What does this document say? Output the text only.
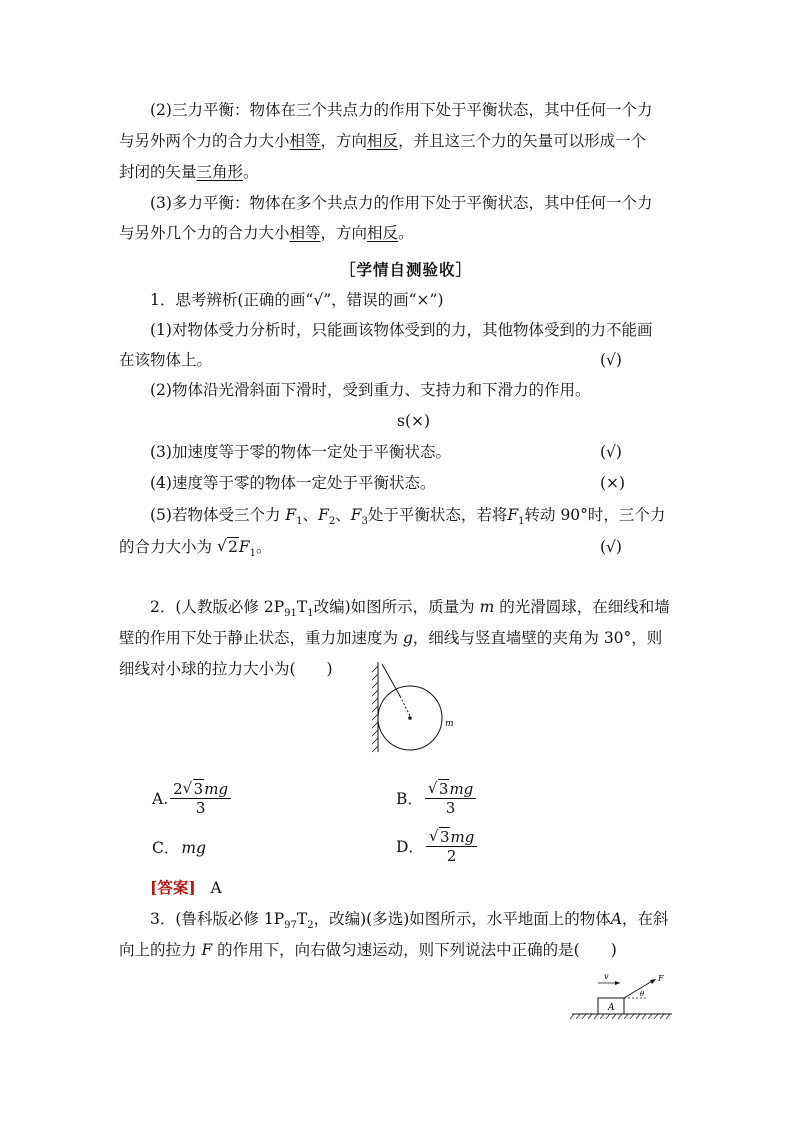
(2)三力平衡：物体在三个共点力的作用下处于平衡状态，其中任何一个力
与另外两个力的合力大小相等，方向相反，并且这三个力的矢量可以形成一个
封闭的矢量三角形。
(3)多力平衡：物体在多个共点力的作用下处于平衡状态，其中任何一个力
与另外几个力的合力大小相等，方向相反。
［学情自测验收］
1．思考辨析(正确的画“√”，错误的画“×”)
(1)对物体受力分析时，只能画该物体受到的力，其他物体受到的力不能画
在该物体上。	(√)
(2)物体沿光滑斜面下滑时，受到重力、支持力和下滑力的作用。
s(×)
(3)加速度等于零的物体一定处于平衡状态。	(√)
(4)速度等于零的物体一定处于平衡状态。	(×)
(5)若物体受三个力 $F_1$、$F_2$、$F_3$处于平衡状态，若将$F_1$转动 90°时，三个力
的合力大小为 √ $2F_1$。	(√)
2．(人教版必修 $2P_{91}T_1$改编)如图所示，质量为 m 的光滑圆球，在细线和墙
壁的作用下处于静止状态，重力加速度为 g，细线与竖直墙壁的夹角为 30°，则
细线对小球的拉力大小为(　　)
m
A. $\frac{2 √ 3mg}{3}$	B． √ $\frac{3mg}{3}$
C． mg	D． √ $\frac{3mg}{2}$
[答案] A
3．(鲁科版必修 $1P_{97}T_2$，改编)(多选)如图所示，水平地面上的物体A，在斜
向上的拉力 F 的作用下，向右做匀速运动，则下列说法中正确的是(　　)
v
A
F
θ
